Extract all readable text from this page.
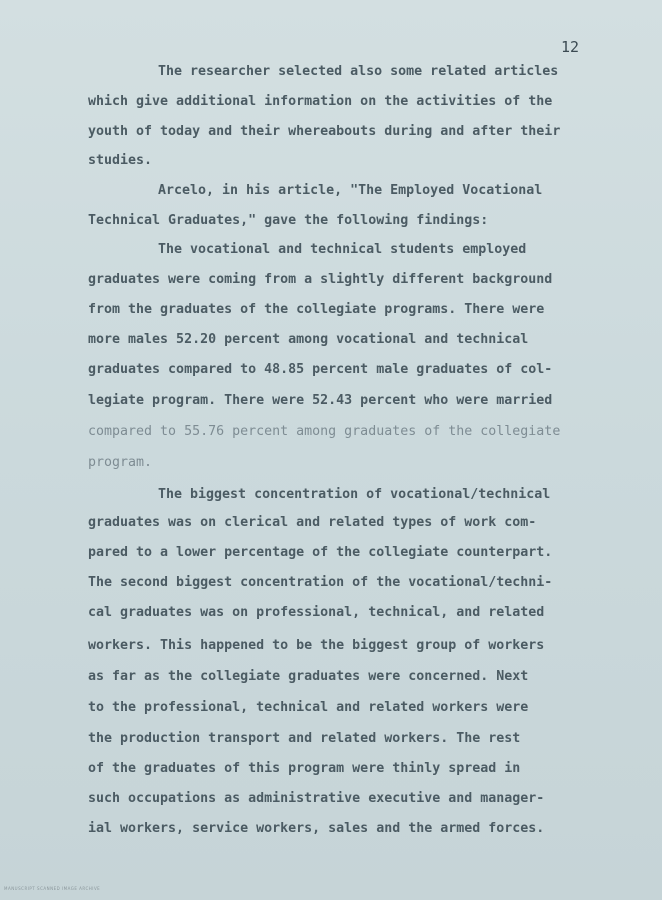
12
The researcher selected also some related articles
which give additional information on the activities of the
youth of today and their whereabouts during and after their
studies.
Arcelo, in his article, "The Employed Vocational
Technical Graduates," gave the following findings:
The vocational and technical students employed
graduates were coming from a slightly different background
from the graduates of the collegiate programs. There were
more males 52.20 percent among vocational and technical
graduates compared to 48.85 percent male graduates of col-
legiate program. There were 52.43 percent who were married
compared to 55.76 percent among graduates of the collegiate
program.
The biggest concentration of vocational/technical
graduates was on clerical and related types of work com-
pared to a lower percentage of the collegiate counterpart.
The second biggest concentration of the vocational/techni-
cal graduates was on professional, technical, and related
workers. This happened to be the biggest group of workers
as far as the collegiate graduates were concerned. Next
to the professional, technical and related workers were
the production transport and related workers. The rest
of the graduates of this program were thinly spread in
such occupations as administrative executive and manager-
ial workers, service workers, sales and the armed forces.
MANUSCRIPT SCANNED IMAGE ARCHIVE
